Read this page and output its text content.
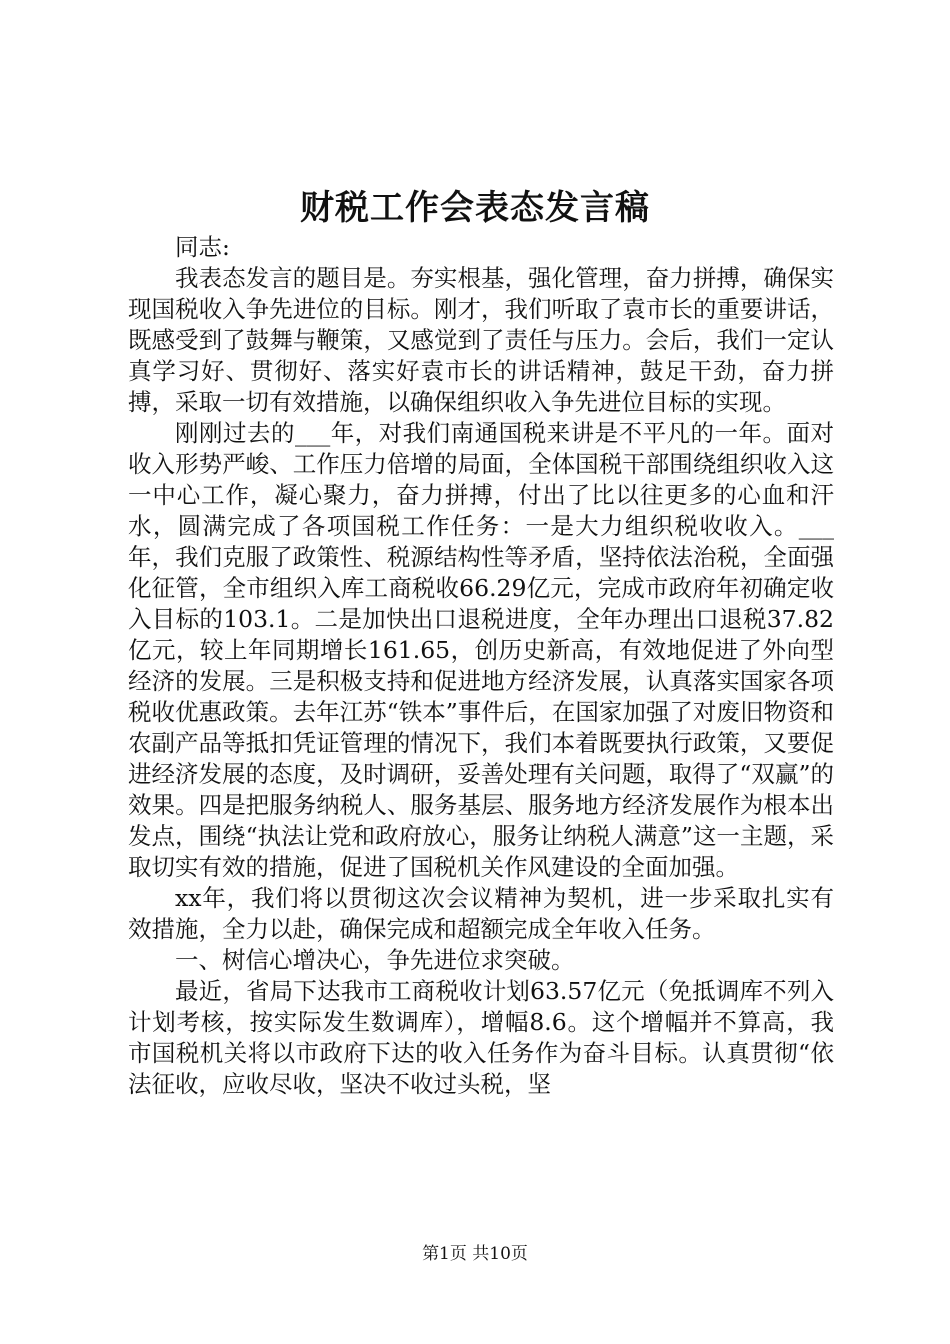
财税工作会表态发言稿

同志:

我表态发言的题目是。夯实根基，强化管理，奋力拼搏，确保实现国税收入争先进位的目标。刚才，我们听取了袁市长的重要讲话，既感受到了鼓舞与鞭策，又感觉到了责任与压力。会后，我们一定认真学习好、贯彻好、落实好袁市长的讲话精神，鼓足干劲，奋力拼搏，采取一切有效措施，以确保组织收入争先进位目标的实现。

刚刚过去的___年，对我们南通国税来讲是不平凡的一年。面对收入形势严峻、工作压力倍增的局面，全体国税干部围绕组织收入这一中心工作，凝心聚力，奋力拼搏，付出了比以往更多的心血和汗水，圆满完成了各项国税工作任务：一是大力组织税收收入。___年，我们克服了政策性、税源结构性等矛盾，坚持依法治税，全面强化征管，全市组织入库工商税收66.29亿元，完成市政府年初确定收入目标的103.1。二是加快出口退税进度，全年办理出口退税37.82亿元，较上年同期增长161.65，创历史新高，有效地促进了外向型经济的发展。三是积极支持和促进地方经济发展，认真落实国家各项税收优惠政策。去年江苏“铁本”事件后，在国家加强了对废旧物资和农副产品等抵扣凭证管理的情况下，我们本着既要执行政策，又要促进经济发展的态度，及时调研，妥善处理有关问题，取得了“双赢”的效果。四是把服务纳税人、服务基层、服务地方经济发展作为根本出发点，围绕“执法让党和政府放心，服务让纳税人满意”这一主题，采取切实有效的措施，促进了国税机关作风建设的全面加强。

xx年，我们将以贯彻这次会议精神为契机，进一步采取扎实有效措施，全力以赴，确保完成和超额完成全年收入任务。

一、树信心增决心，争先进位求突破。

最近，省局下达我市工商税收计划63.57亿元（免抵调库不列入计划考核，按实际发生数调库），增幅8.6。这个增幅并不算高，我市国税机关将以市政府下达的收入任务作为奋斗目标。认真贯彻“依法征收，应收尽收，坚决不收过头税，坚

第1页 共10页
